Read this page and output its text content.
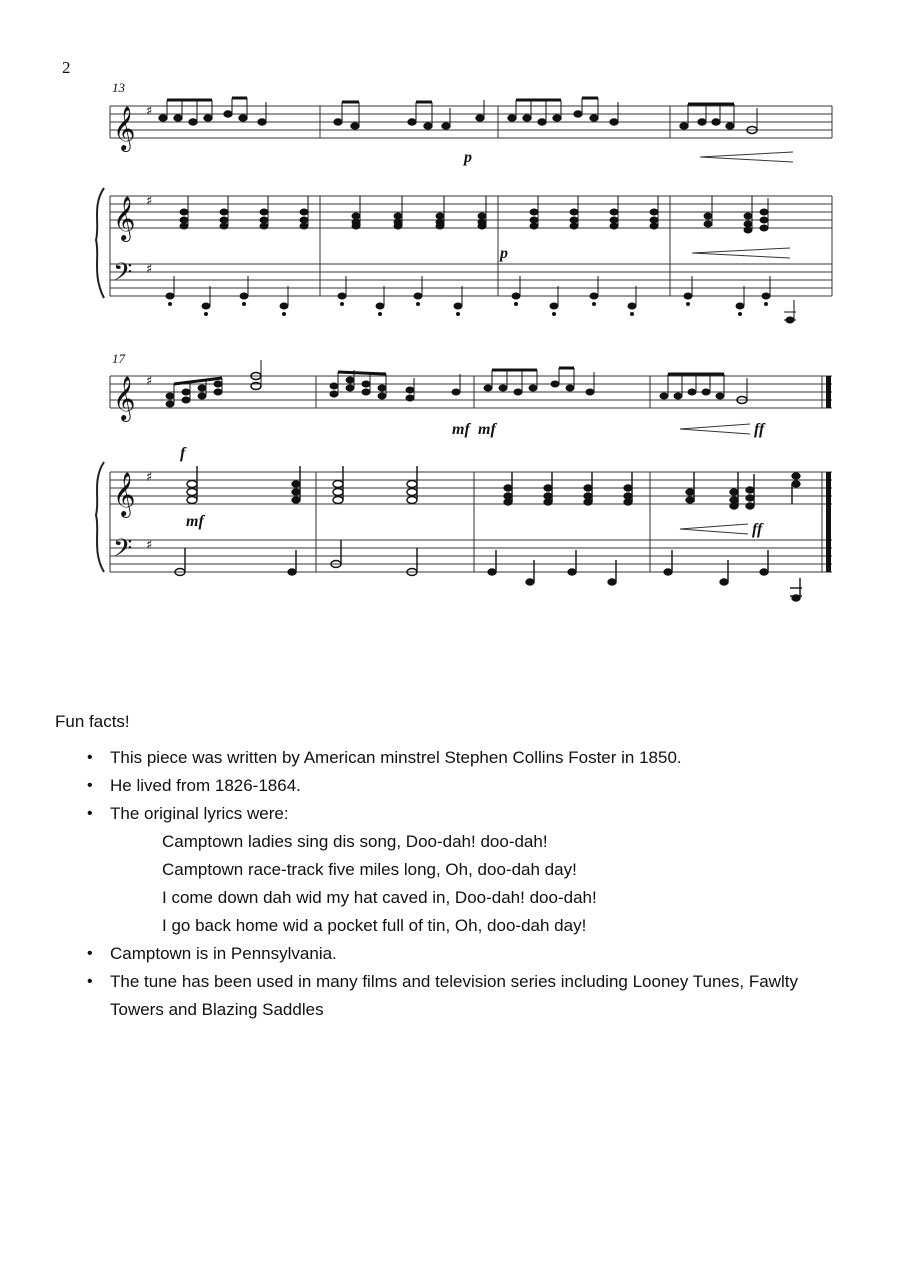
2
13
𝄞 ♯
p
𝄞
𝄢
♯
♯
p
17
𝄞 ♯
mf mf	ff
𝄞
𝄢
♯
♯
f
mf	ff

Fun facts!

• This piece was written by American minstrel Stephen Collins Foster in 1850.
• He lived from 1826-1864.
• The original lyrics were:
Camptown ladies sing dis song, Doo-dah! doo-dah!
Camptown race-track five miles long, Oh, doo-dah day!
I come down dah wid my hat caved in, Doo-dah! doo-dah!
I go back home wid a pocket full of tin, Oh, doo-dah day!
• Camptown is in Pennsylvania.
• The tune has been used in many films and television series including Looney Tunes, Fawlty Towers and Blazing Saddles
